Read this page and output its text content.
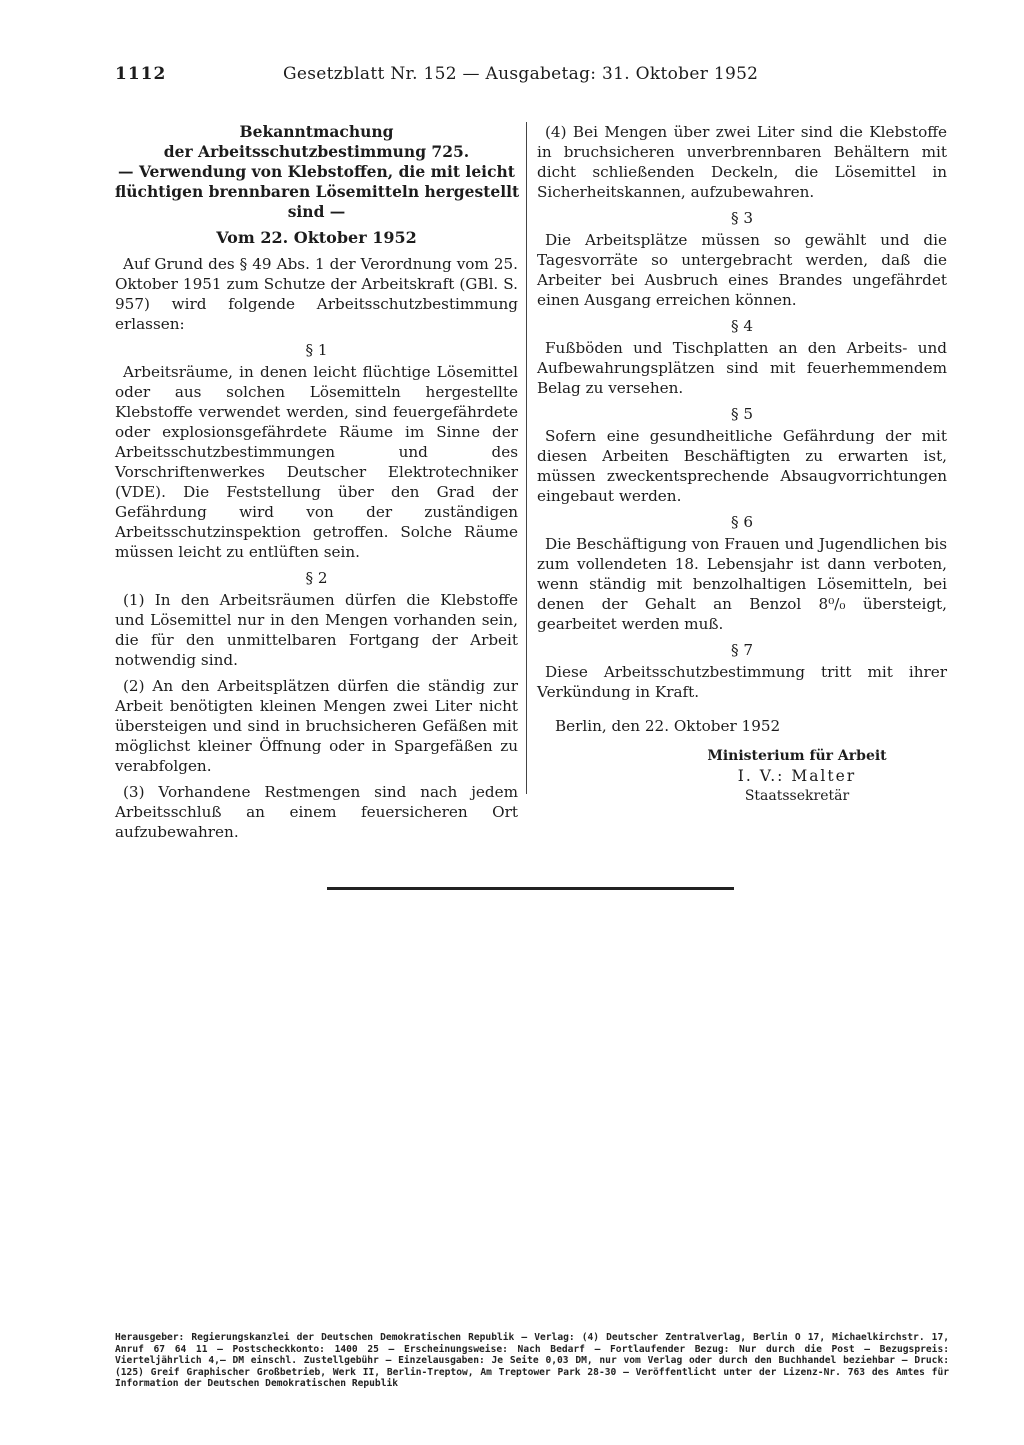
1112	Gesetzblatt Nr. 152 — Ausgabetag: 31. Oktober 1952
Bekanntmachung
der Arbeitsschutzbestimmung 725.
— Verwendung von Klebstoffen, die mit leicht
flüchtigen brennbaren Lösemitteln hergestellt
sind —
Vom 22. Oktober 1952

Auf Grund des § 49 Abs. 1 der Verordnung vom 25. Oktober 1951 zum Schutze der Arbeitskraft (GBl. S. 957) wird folgende Arbeitsschutzbestimmung erlassen:

§ 1

Arbeitsräume, in denen leicht flüchtige Lösemittel oder aus solchen Lösemitteln hergestellte Klebstoffe verwendet werden, sind feuergefährdete oder explosionsgefährdete Räume im Sinne der Arbeitsschutzbestimmungen und des Vorschriftenwerkes Deutscher Elektrotechniker (VDE). Die Feststellung über den Grad der Gefährdung wird von der zuständigen Arbeitsschutzinspektion getroffen. Solche Räume müssen leicht zu entlüften sein.

§ 2

(1) In den Arbeitsräumen dürfen die Klebstoffe und Lösemittel nur in den Mengen vorhanden sein, die für den unmittelbaren Fortgang der Arbeit notwendig sind.

(2) An den Arbeitsplätzen dürfen die ständig zur Arbeit benötigten kleinen Mengen zwei Liter nicht übersteigen und sind in bruchsicheren Gefäßen mit möglichst kleiner Öffnung oder in Spargefäßen zu verabfolgen.

(3) Vorhandene Restmengen sind nach jedem Arbeitsschluß an einem feuersicheren Ort aufzubewahren.

(4) Bei Mengen über zwei Liter sind die Klebstoffe in bruchsicheren unverbrennbaren Behältern mit dicht schließenden Deckeln, die Lösemittel in Sicherheitskannen, aufzubewahren.

§ 3

Die Arbeitsplätze müssen so gewählt und die Tagesvorräte so untergebracht werden, daß die Arbeiter bei Ausbruch eines Brandes ungefährdet einen Ausgang erreichen können.

§ 4

Fußböden und Tischplatten an den Arbeits- und Aufbewahrungsplätzen sind mit feuerhemmendem Belag zu versehen.

§ 5

Sofern eine gesundheitliche Gefährdung der mit diesen Arbeiten Beschäftigten zu erwarten ist, müssen zweckentsprechende Absaugvorrichtungen eingebaut werden.

§ 6

Die Beschäftigung von Frauen und Jugendlichen bis zum vollendeten 18. Lebensjahr ist dann verboten, wenn ständig mit benzolhaltigen Lösemitteln, bei denen der Gehalt an Benzol 8⁰/₀ übersteigt, gearbeitet werden muß.

§ 7

Diese Arbeitsschutzbestimmung tritt mit ihrer Verkündung in Kraft.

Berlin, den 22. Oktober 1952
Ministerium für Arbeit
I. V.: Malter
Staatssekretär
Herausgeber: Regierungskanzlei der Deutschen Demokratischen Republik — Verlag: (4) Deutscher Zentralverlag, Berlin O 17, Michaelkirchstr. 17, Anruf 67 64 11 — Postscheckkonto: 1400 25 — Erscheinungsweise: Nach Bedarf — Fortlaufender Bezug: Nur durch die Post — Bezugspreis: Vierteljährlich 4,— DM einschl. Zustellgebühr — Einzelausgaben: Je Seite 0,03 DM, nur vom Verlag oder durch den Buchhandel beziehbar — Druck: (125) Greif Graphischer Großbetrieb, Werk II, Berlin-Treptow, Am Treptower Park 28-30 — Veröffentlicht unter der Lizenz-Nr. 763 des Amtes für Information der Deutschen Demokratischen Republik
